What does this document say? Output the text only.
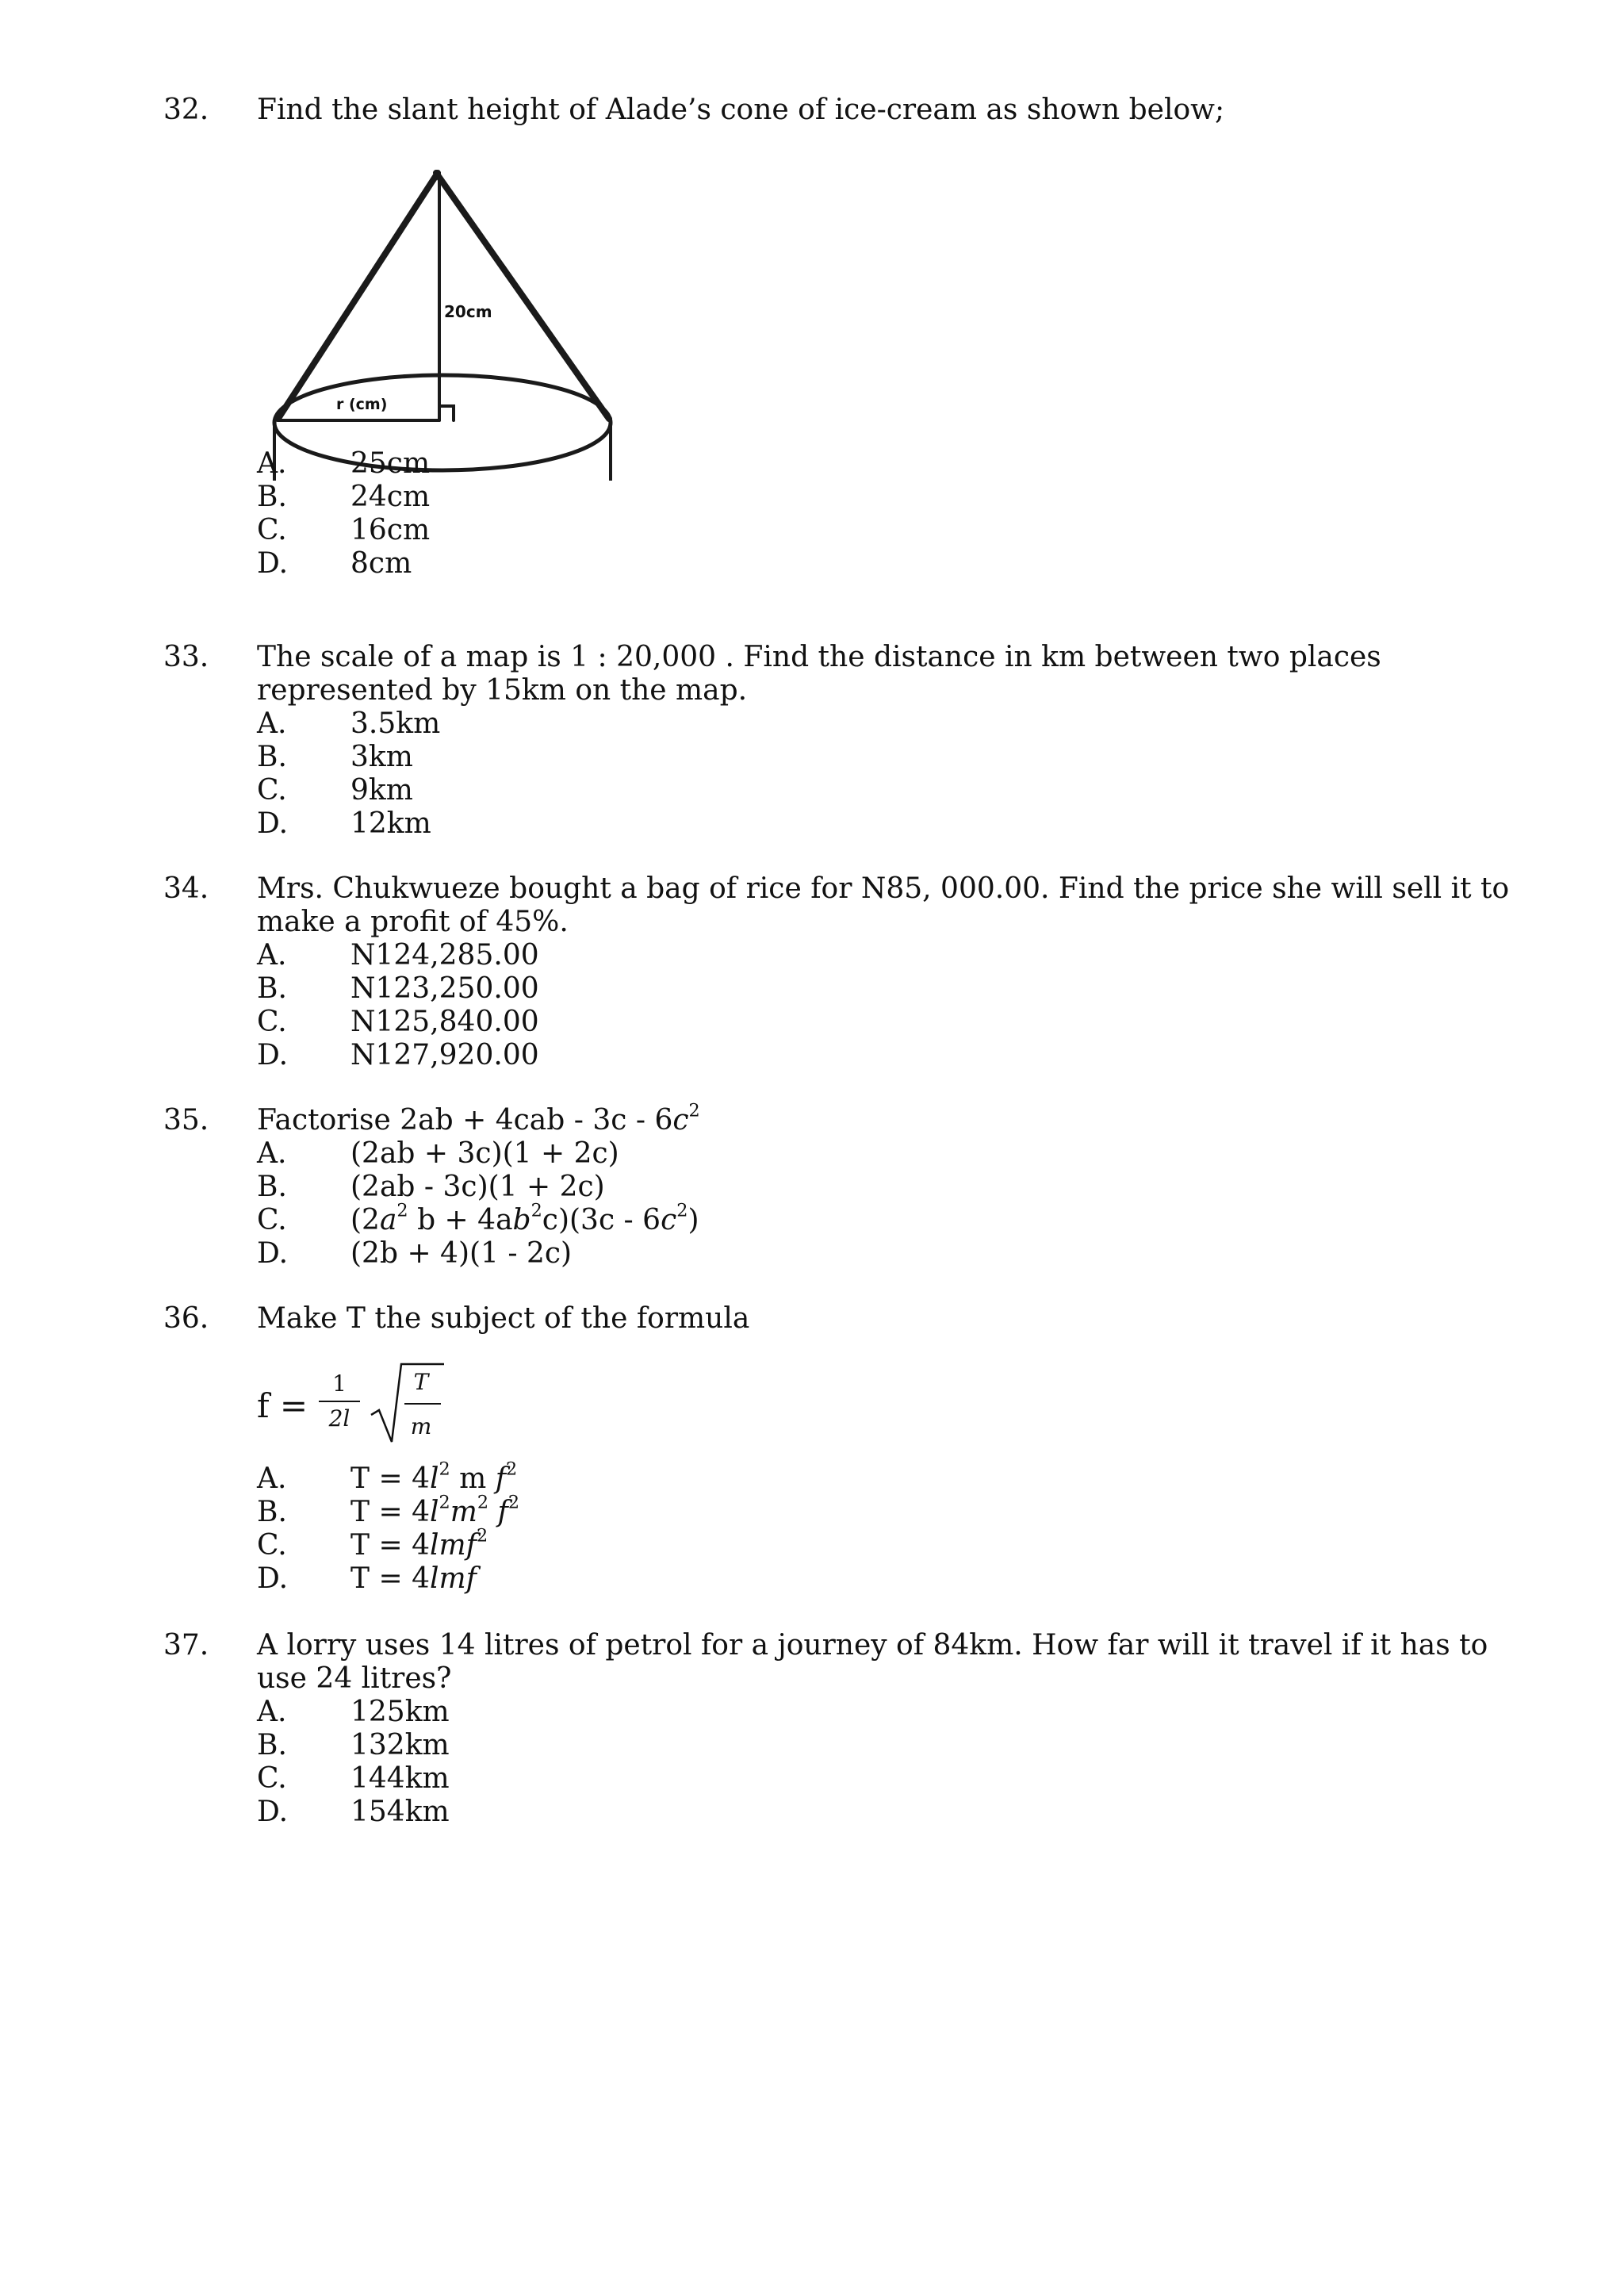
32. Find the slant height of Alade’s cone of ice-cream as shown below;

20cm
r (cm)
A.	25cm
B.	24cm
C.	16cm
D.	8cm
33. The scale of a map is 1 : 20,000 . Find the distance in km between two places represented by 15km on the map.

A.	3.5km
B.	3km
C.	9km
D.	12km
34. Mrs. Chukwueze bought a bag of rice for N85, 000.00. Find the price she will sell it to make a profit of 45%.

A.	N124,285.00
B.	N123,250.00
C.	N125,840.00
D.	N127,920.00
35. Factorise $2ab + 4cab - 3c - 6c^2$

A.	(2ab + 3c)(1 + 2c)
B.	(2ab - 3c)(1 + 2c)
C.	($2a^2$ $b + 4ab^2c)(3c - 6c^2)$
D.	(2b + 4)(1 - 2c)
36. Make T the subject of the formula

f =
1
2l
T
m
A.	$T = 4l^2$ m $f^2$
B.	$T = 4l^2m^2$ $f^2$
C.	T = 4lmf$^2$
D.	T = 4lmf
37. A lorry uses 14 litres of petrol for a journey of 84km. How far will it travel if it has to use 24 litres?

A.	125km
B.	132km
C.	144km
D.	154km
